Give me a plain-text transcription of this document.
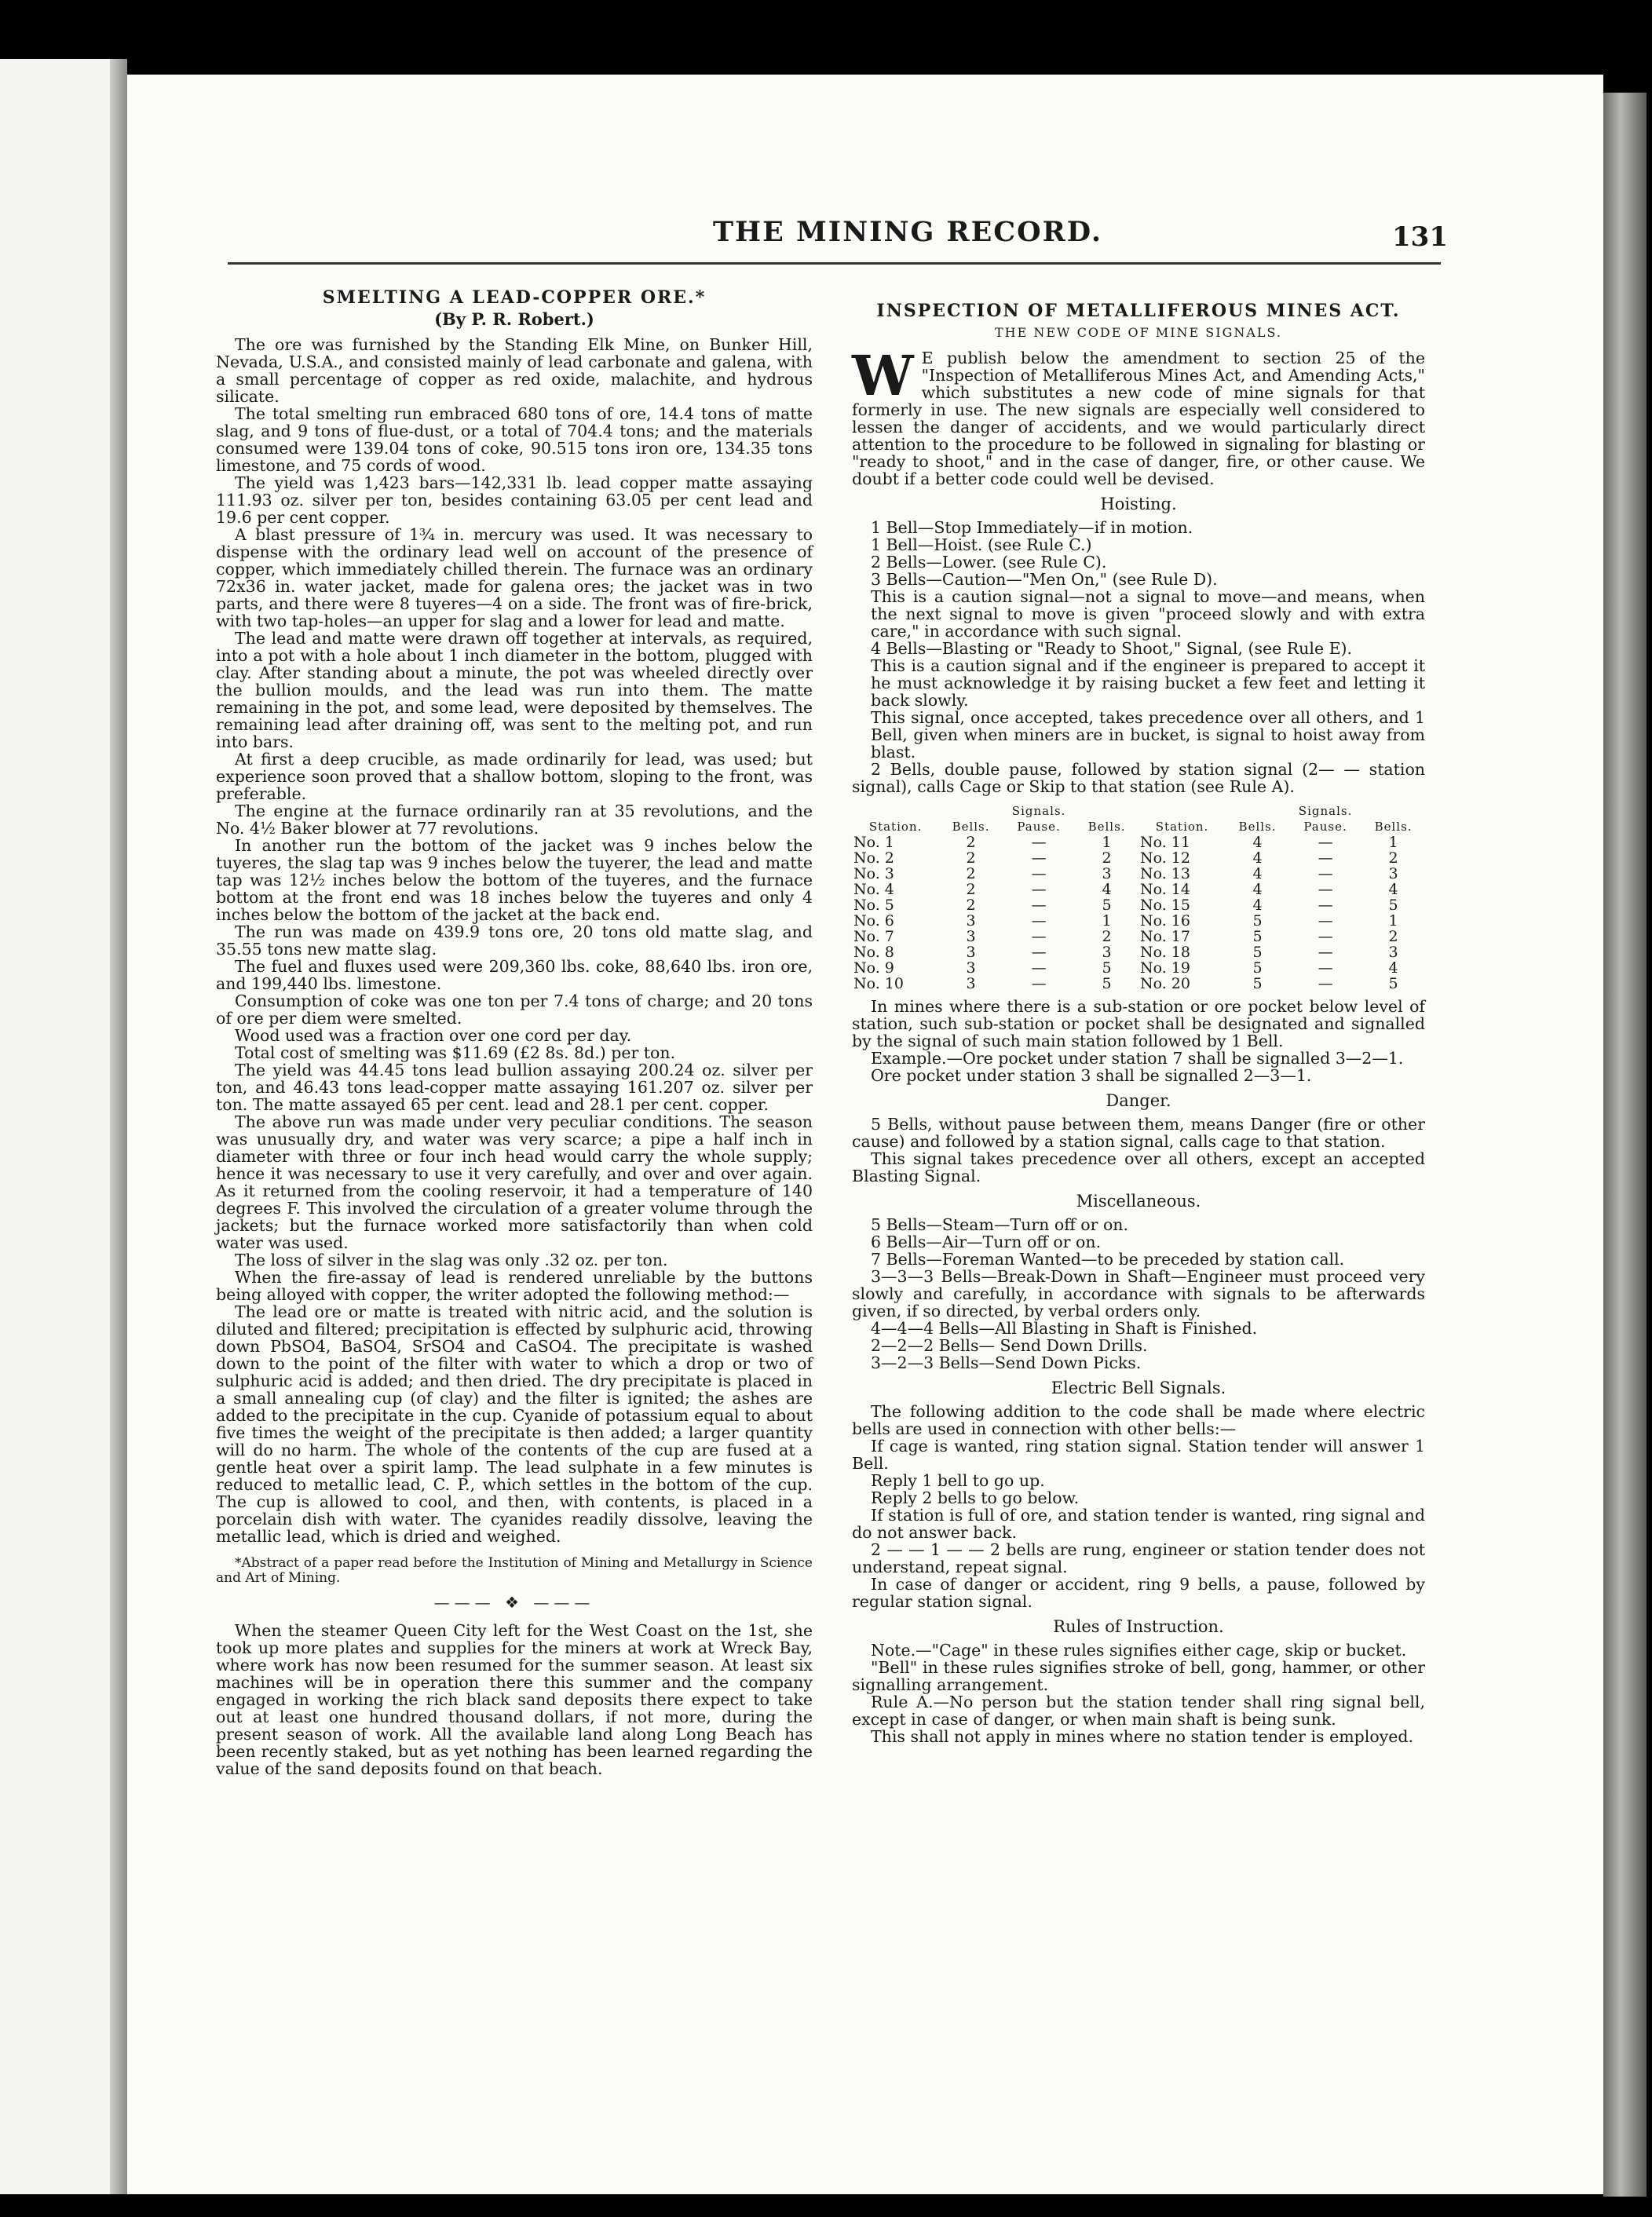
THE MINING RECORD.	131
SMELTING A LEAD-COPPER ORE.*
(By P. R. Robert.)

The ore was furnished by the Standing Elk Mine, on Bunker Hill, Nevada, U.S.A., and consisted mainly of lead carbonate and galena, with a small percentage of copper as red oxide, malachite, and hydrous silicate.

The total smelting run embraced 680 tons of ore, 14.4 tons of matte slag, and 9 tons of flue-dust, or a total of 704.4 tons; and the materials consumed were 139.04 tons of coke, 90.515 tons iron ore, 134.35 tons limestone, and 75 cords of wood.

The yield was 1,423 bars—142,331 lb. lead copper matte assaying 111.93 oz. silver per ton, besides containing 63.05 per cent lead and 19.6 per cent copper.

A blast pressure of 1¾ in. mercury was used. It was necessary to dispense with the ordinary lead well on account of the presence of copper, which immediately chilled therein. The furnace was an ordinary 72x36 in. water jacket, made for galena ores; the jacket was in two parts, and there were 8 tuyeres—4 on a side. The front was of fire-brick, with two tap-holes—an upper for slag and a lower for lead and matte.

The lead and matte were drawn off together at intervals, as required, into a pot with a hole about 1 inch diameter in the bottom, plugged with clay. After standing about a minute, the pot was wheeled directly over the bullion moulds, and the lead was run into them. The matte remaining in the pot, and some lead, were deposited by themselves. The remaining lead after draining off, was sent to the melting pot, and run into bars.

At first a deep crucible, as made ordinarily for lead, was used; but experience soon proved that a shallow bottom, sloping to the front, was preferable.

The engine at the furnace ordinarily ran at 35 revolutions, and the No. 4½ Baker blower at 77 revolutions.

In another run the bottom of the jacket was 9 inches below the tuyeres, the slag tap was 9 inches below the tuyerer, the lead and matte tap was 12½ inches below the bottom of the tuyeres, and the furnace bottom at the front end was 18 inches below the tuyeres and only 4 inches below the bottom of the jacket at the back end.

The run was made on 439.9 tons ore, 20 tons old matte slag, and 35.55 tons new matte slag.

The fuel and fluxes used were 209,360 lbs. coke, 88,640 lbs. iron ore, and 199,440 lbs. limestone.

Consumption of coke was one ton per 7.4 tons of charge; and 20 tons of ore per diem were smelted.

Wood used was a fraction over one cord per day.

Total cost of smelting was $11.69 (£2 8s. 8d.) per ton.

The yield was 44.45 tons lead bullion assaying 200.24 oz. silver per ton, and 46.43 tons lead-copper matte assaying 161.207 oz. silver per ton. The matte assayed 65 per cent. lead and 28.1 per cent. copper.

The above run was made under very peculiar conditions. The season was unusually dry, and water was very scarce; a pipe a half inch in diameter with three or four inch head would carry the whole supply; hence it was necessary to use it very carefully, and over and over again. As it returned from the cooling reservoir, it had a temperature of 140 degrees F. This involved the circulation of a greater volume through the jackets; but the furnace worked more satisfactorily than when cold water was used.

The loss of silver in the slag was only .32 oz. per ton.

When the fire-assay of lead is rendered unreliable by the buttons being alloyed with copper, the writer adopted the following method:—

The lead ore or matte is treated with nitric acid, and the solution is diluted and filtered; precipitation is effected by sulphuric acid, throwing down PbSO4, BaSO4, SrSO4 and CaSO4. The precipitate is washed down to the point of the filter with water to which a drop or two of sulphuric acid is added; and then dried. The dry precipitate is placed in a small annealing cup (of clay) and the filter is ignited; the ashes are added to the precipitate in the cup. Cyanide of potassium equal to about five times the weight of the precipitate is then added; a larger quantity will do no harm. The whole of the contents of the cup are fused at a gentle heat over a spirit lamp. The lead sulphate in a few minutes is reduced to metallic lead, C. P., which settles in the bottom of the cup. The cup is allowed to cool, and then, with contents, is placed in a porcelain dish with water. The cyanides readily dissolve, leaving the metallic lead, which is dried and weighed.

*Abstract of a paper read before the Institution of Mining and Metallurgy in Science and Art of Mining.

——— ❖ ———

When the steamer Queen City left for the West Coast on the 1st, she took up more plates and supplies for the miners at work at Wreck Bay, where work has now been resumed for the summer season. At least six machines will be in operation there this summer and the company engaged in working the rich black sand deposits there expect to take out at least one hundred thousand dollars, if not more, during the present season of work. All the available land along Long Beach has been recently staked, but as yet nothing has been learned regarding the value of the sand deposits found on that beach.

INSPECTION OF METALLIFEROUS MINES ACT.
THE NEW CODE OF MINE SIGNALS.

W E publish below the amendment to section 25 of the "Inspection of Metalliferous Mines Act, and Amending Acts," which substitutes a new code of mine signals for that formerly in use. The new signals are especially well considered to lessen the danger of accidents, and we would particularly direct attention to the procedure to be followed in signaling for blasting or "ready to shoot," and in the case of danger, fire, or other cause. We doubt if a better code could well be devised.

Hoisting.

1 Bell—Stop Immediately—if in motion.

1 Bell—Hoist. (see Rule C.)

2 Bells—Lower. (see Rule C).

3 Bells—Caution—"Men On," (see Rule D).

This is a caution signal—not a signal to move—and means, when the next signal to move is given "proceed slowly and with extra care," in accordance with such signal.

4 Bells—Blasting or "Ready to Shoot," Signal, (see Rule E).

This is a caution signal and if the engineer is prepared to accept it he must acknowledge it by raising bucket a few feet and letting it back slowly.

This signal, once accepted, takes precedence over all others, and 1 Bell, given when miners are in bucket, is signal to hoist away from blast.

2 Bells, double pause, followed by station signal (2— — station signal), calls Cage or Skip to that station (see Rule A).

	Signals.				Signals.		
Station.	Bells.	Pause.	Bells.	Station.	Bells.	Pause.	Bells.
No. 1	2	—	1	No. 11	4	—	1
No. 2	2	—	2	No. 12	4	—	2
No. 3	2	—	3	No. 13	4	—	3
No. 4	2	—	4	No. 14	4	—	4
No. 5	2	—	5	No. 15	4	—	5
No. 6	3	—	1	No. 16	5	—	1
No. 7	3	—	2	No. 17	5	—	2
No. 8	3	—	3	No. 18	5	—	3
No. 9	3	—	5	No. 19	5	—	4
No. 10	3	—	5	No. 20	5	—	5

In mines where there is a sub-station or ore pocket below level of station, such sub-station or pocket shall be designated and signalled by the signal of such main station followed by 1 Bell.

Example.—Ore pocket under station 7 shall be signalled 3—2—1.

Ore pocket under station 3 shall be signalled 2—3—1.

Danger.

5 Bells, without pause between them, means Danger (fire or other cause) and followed by a station signal, calls cage to that station.

This signal takes precedence over all others, except an accepted Blasting Signal.

Miscellaneous.

5 Bells—Steam—Turn off or on.

6 Bells—Air—Turn off or on.

7 Bells—Foreman Wanted—to be preceded by station call.

3—3—3 Bells—Break-Down in Shaft—Engineer must proceed very slowly and carefully, in accordance with signals to be afterwards given, if so directed, by verbal orders only.

4—4—4 Bells—All Blasting in Shaft is Finished.

2—2—2 Bells— Send Down Drills.

3—2—3 Bells—Send Down Picks.

Electric Bell Signals.

The following addition to the code shall be made where electric bells are used in connection with other bells:—

If cage is wanted, ring station signal. Station tender will answer 1 Bell.

Reply 1 bell to go up.

Reply 2 bells to go below.

If station is full of ore, and station tender is wanted, ring signal and do not answer back.

2 — — 1 — — 2 bells are rung, engineer or station tender does not understand, repeat signal.

In case of danger or accident, ring 9 bells, a pause, followed by regular station signal.

Rules of Instruction.

Note.—"Cage" in these rules signifies either cage, skip or bucket.

"Bell" in these rules signifies stroke of bell, gong, hammer, or other signalling arrangement.

Rule A.—No person but the station tender shall ring signal bell, except in case of danger, or when main shaft is being sunk.

This shall not apply in mines where no station tender is employed.
